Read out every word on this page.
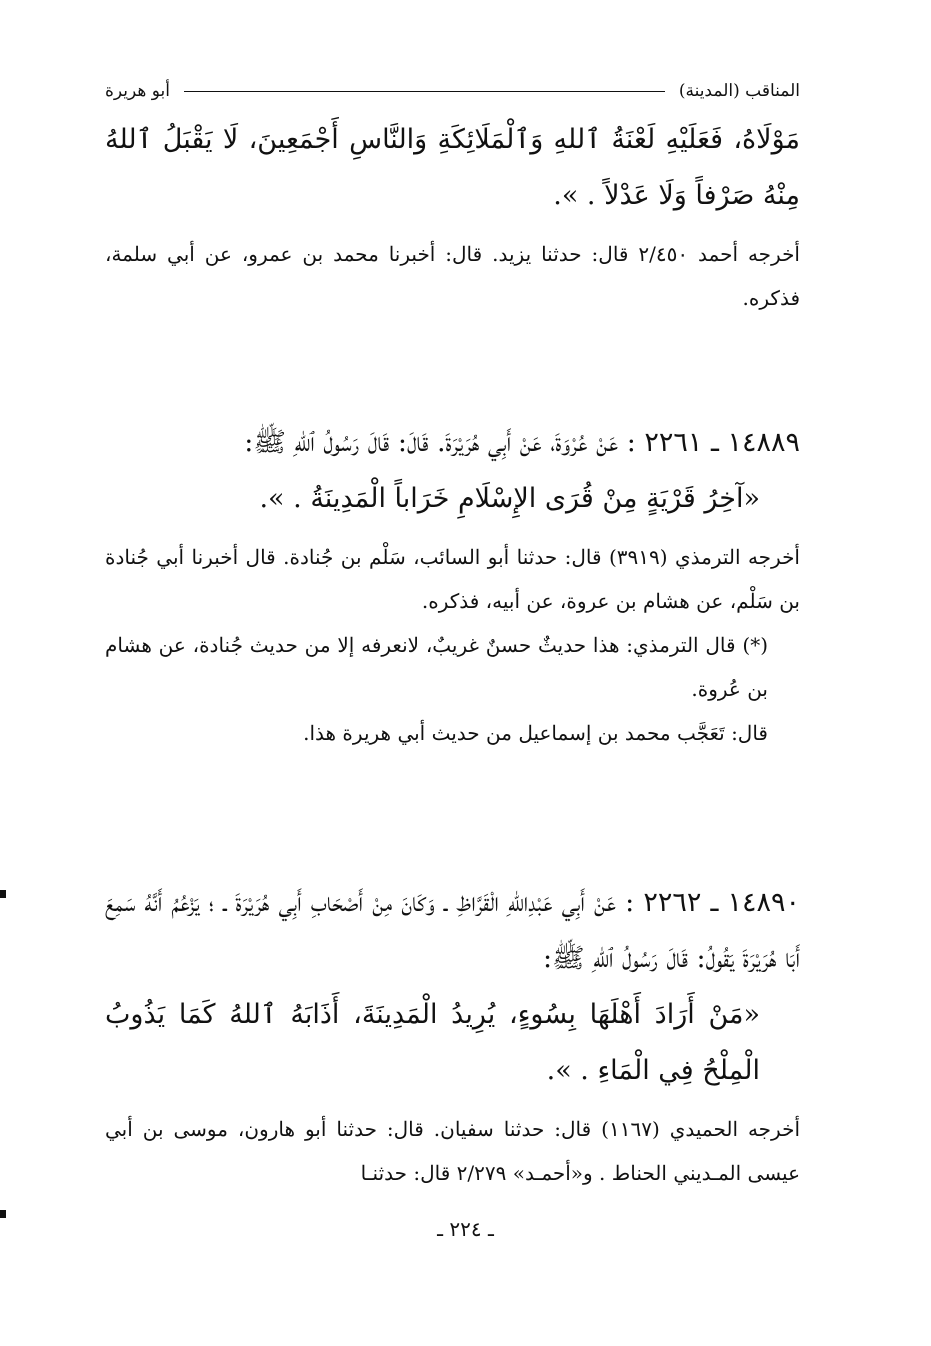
المناقب (المدينة)
أبو هريرة

مَوْلَاهُ، فَعَلَيْهِ لَعْنَةُ ٱللهِ وَٱلْمَلَائِكَةِ وَالنَّاسِ أَجْمَعِينَ، لَا يَقْبَلُ ٱللهُ مِنْهُ صَرْفاً وَلَا عَدْلاً . ».

أخرجه أحمد ٢/٤٥٠ قال: حدثنا يزيد. قال: أخبرنا محمد بن عمرو، عن أبي سلمة، فذكره.

١٤٨٨٩ ـ ٢٢٦١ : عَنْ عُرْوَةَ، عَنْ أَبِي هُرَيْرَةَ. قَالَ: قَالَ رَسُولُ ٱللهِ ﷺ:
«آخِرُ قَرْيَةٍ مِنْ قُرَى الإِسْلَامِ خَرَاباً الْمَدِينَةُ . ».

أخرجه الترمذي (٣٩١٩) قال: حدثنا أبو السائب، سَلْم بن جُنادة. قال أخبرنا أبي جُنادة بن سَلْم، عن هشام بن عروة، عن أبيه، فذكره.

(*) قال الترمذي: هذا حديثٌ حسنٌ غريبٌ، لانعرفه إلا من حديث جُنادة، عن هشام بن عُروة.

قال: تَعَجَّب محمد بن إسماعيل من حديث أبي هريرة هذا.

١٤٨٩٠ ـ ٢٢٦٢ : عَنْ أَبِي عَبْدِاللهِ الْقَرَّاظِ ـ وَكَانَ مِنْ أَصْحَابِ أَبِي هُرَيْرَةَ ـ ؛ يَزْعُمُ أَنَّهُ سَمِعَ أَبَا هُرَيْرَةَ يَقُولُ: قَالَ رَسُولُ ٱللهِ ﷺ:
«مَنْ أَرَادَ أَهْلَهَا بِسُوءٍ، يُرِيدُ الْمَدِينَةَ، أَذَابَهُ ٱللهُ كَمَا يَذُوبُ الْمِلْحُ فِي الْمَاءِ . ».

أخرجه الحميدي (١١٦٧) قال: حدثنا سفيان. قال: حدثنا أبو هارون، موسى بن أبي عيسى المـديني الحناط . و«أحمـد» ٢/٢٧٩ قال: حدثنـا

ـ ٢٢٤ ـ
